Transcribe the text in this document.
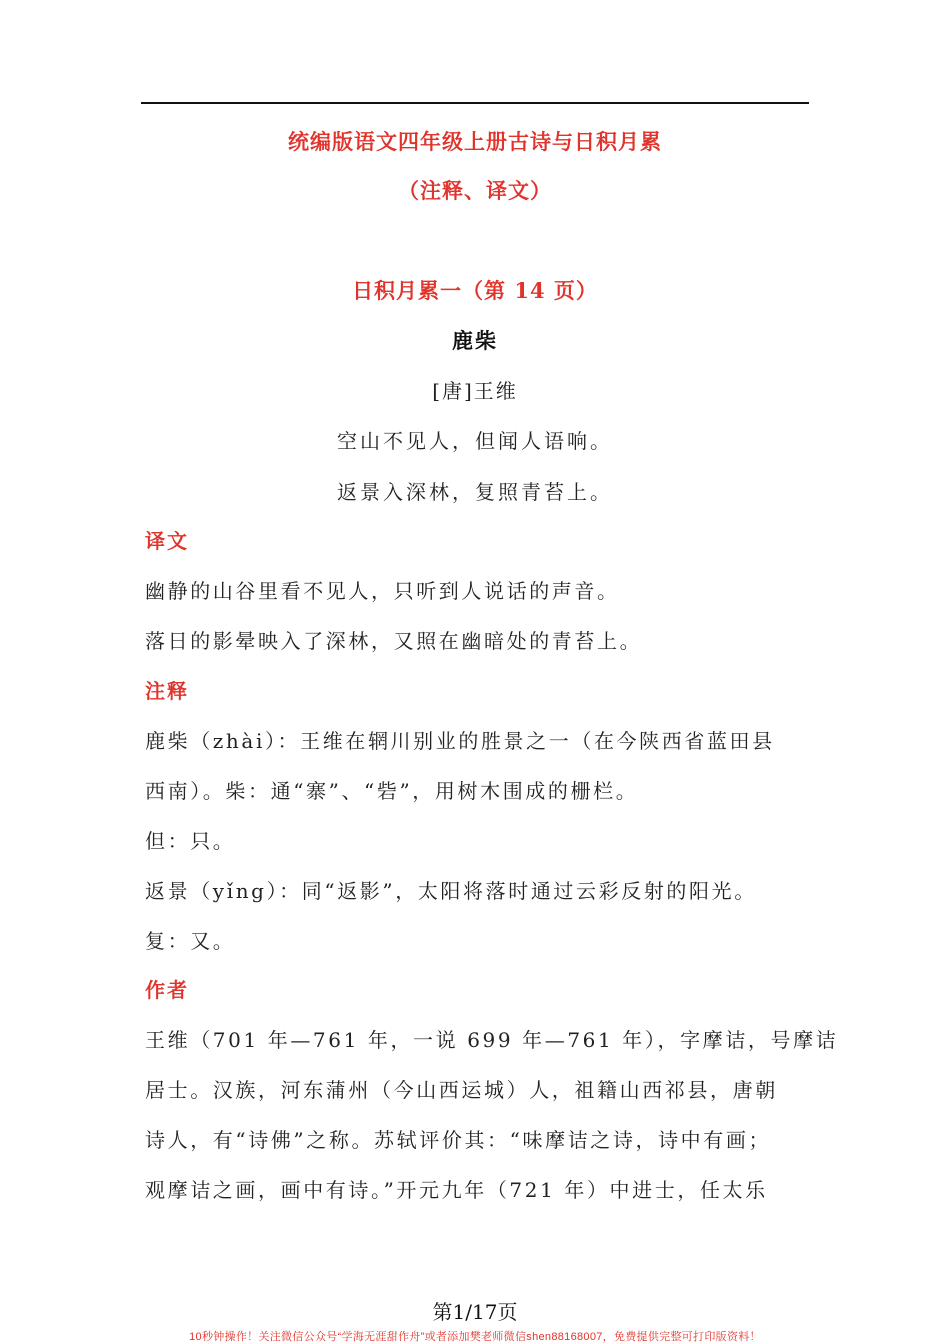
统编版语文四年级上册古诗与日积月累
（注释、译文）
日积月累一（第 14 页）
鹿柴
[唐]王维
空山不见人，但闻人语响。
返景入深林，复照青苔上。
译文
幽静的山谷里看不见人，只听到人说话的声音。
落日的影晕映入了深林，又照在幽暗处的青苔上。
注释
鹿柴（zhài）：王维在辋川别业的胜景之一（在今陕西省蓝田县
西南）。柴：通“寨”、“砦”，用树木围成的栅栏。
但：只。
返景（yǐng）：同“返影”，太阳将落时通过云彩反射的阳光。
复：又。
作者
王维（701 年—761 年，一说 699 年—761 年），字摩诘，号摩诘
居士。汉族，河东蒲州（今山西运城）人，祖籍山西祁县，唐朝
诗人，有“诗佛”之称。苏轼评价其：“味摩诘之诗，诗中有画；
观摩诘之画，画中有诗。”开元九年（721 年）中进士，任太乐
第1/17页
10秒钟操作！关注微信公众号“学海无涯甜作舟”或者添加樊老师微信shen88168007，免费提供完整可打印版资料！
